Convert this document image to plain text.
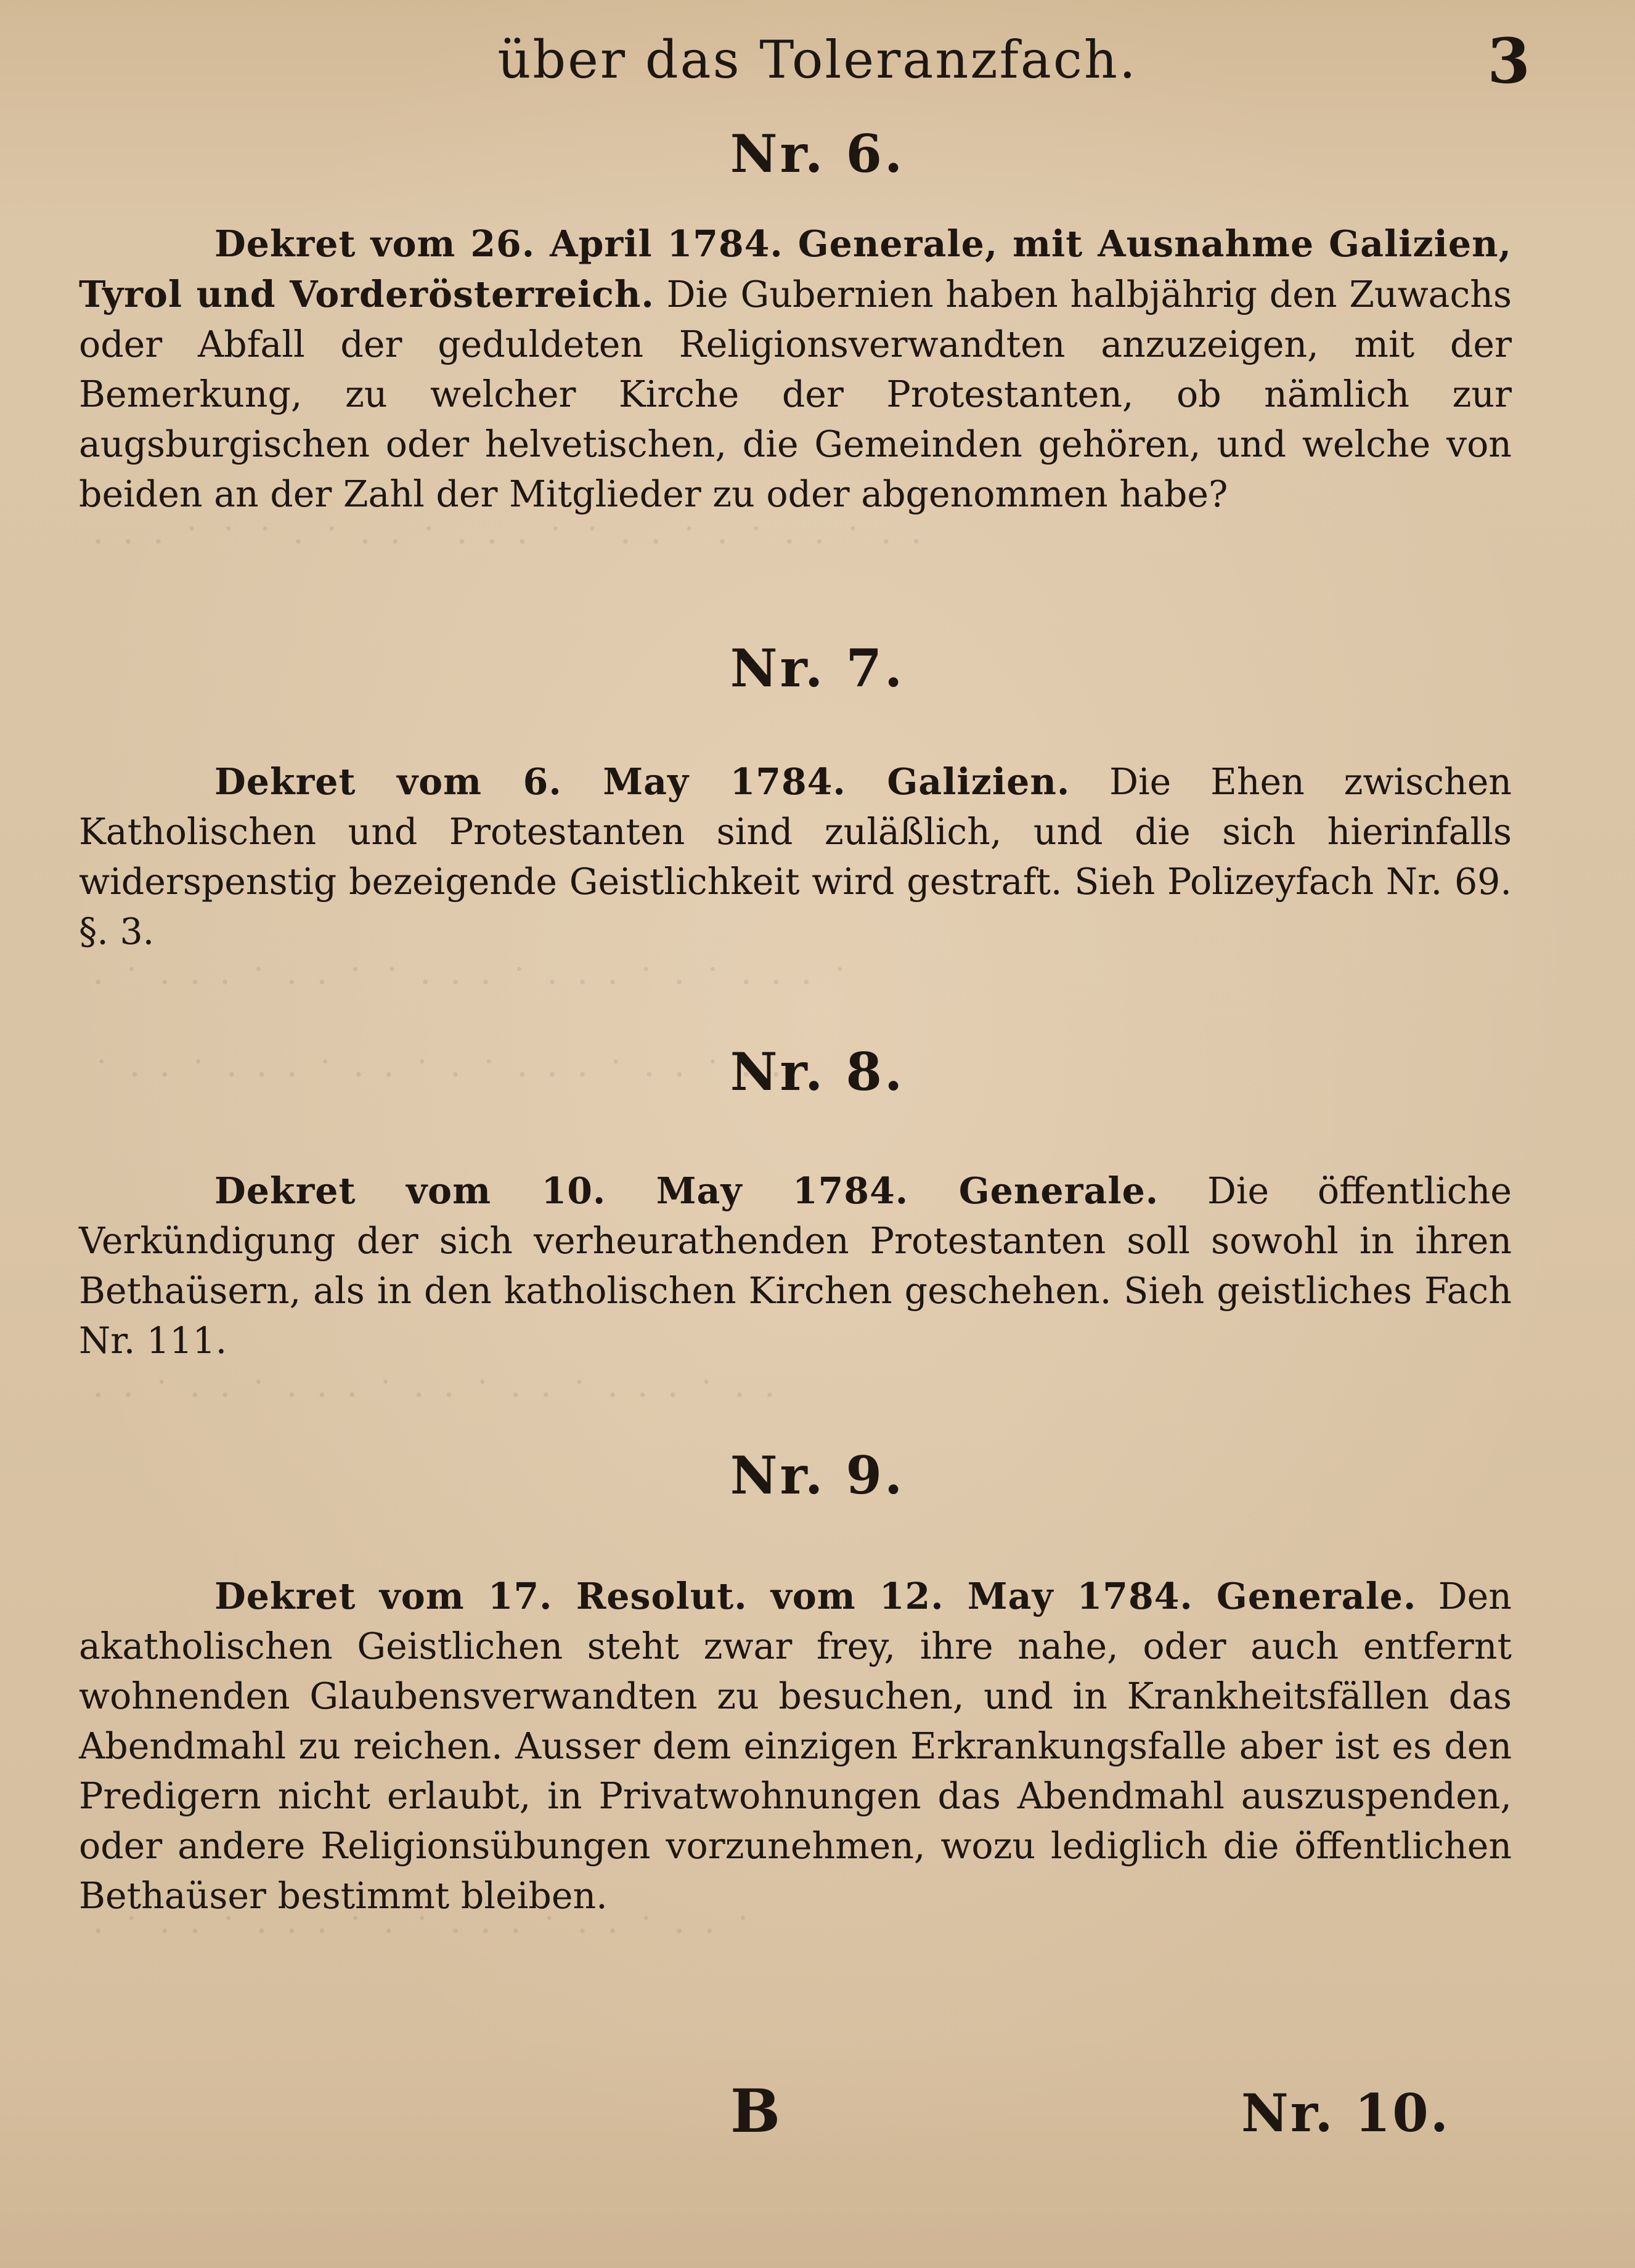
· · · ˙ ˙ ˙ · ˙ · · ˙ · · · ˙ ˙ · · ˙ · ˙ · · ˙ · ·
· ˙ · · · ˙ · · ˙ ˙ · · · ˙ · · · ˙ · ˙ · · · ˙
˙ · · ˙ · · · ˙ · · ˙ · ˙ · · · ˙ · · ˙ · ·
· · ˙ · · ˙ · · · ˙ · · ˙ · · ˙ · · · ˙ · ·
· ˙ · · ˙ · · · ˙ · ˙ · · · ˙ · · ˙ · · ˙
über das Toleranzfach.	3
Nr. 6.

Dekret vom 26. April 1784. Generale, mit Ausnahme Galizien, Tyrol und Vorderösterreich. Die Gubernien haben halbjährig den Zuwachs oder Abfall der geduldeten Religionsverwandten anzuzeigen, mit der Bemerkung, zu welcher Kirche der Protestanten, ob nämlich zur augsburgischen oder helvetischen, die Gemeinden gehören, und welche von beiden an der Zahl der Mitglieder zu oder abgenommen habe?

Nr. 7.

Dekret vom 6. May 1784. Galizien. Die Ehen zwischen Katholischen und Protestanten sind zuläßlich, und die sich hierinfalls widerspenstig bezeigende Geistlichkeit wird gestraft. Sieh Polizeyfach Nr. 69. §. 3.

Nr. 8.

Dekret vom 10. May 1784. Generale. Die öffentliche Verkündigung der sich verheurathenden Protestanten soll sowohl in ihren Bethaüsern, als in den katholischen Kirchen geschehen. Sieh geistliches Fach Nr. 111.

Nr. 9.

Dekret vom 17. Resolut. vom 12. May 1784. Generale. Den akatholischen Geistlichen steht zwar frey, ihre nahe, oder auch entfernt wohnenden Glaubensverwandten zu besuchen, und in Krankheitsfällen das Abendmahl zu reichen. Ausser dem einzigen Erkrankungsfalle aber ist es den Predigern nicht erlaubt, in Privatwohnungen das Abendmahl auszuspenden, oder andere Religionsübungen vorzunehmen, wozu lediglich die öffentlichen Bethaüser bestimmt bleiben.

B	Nr. 10.
